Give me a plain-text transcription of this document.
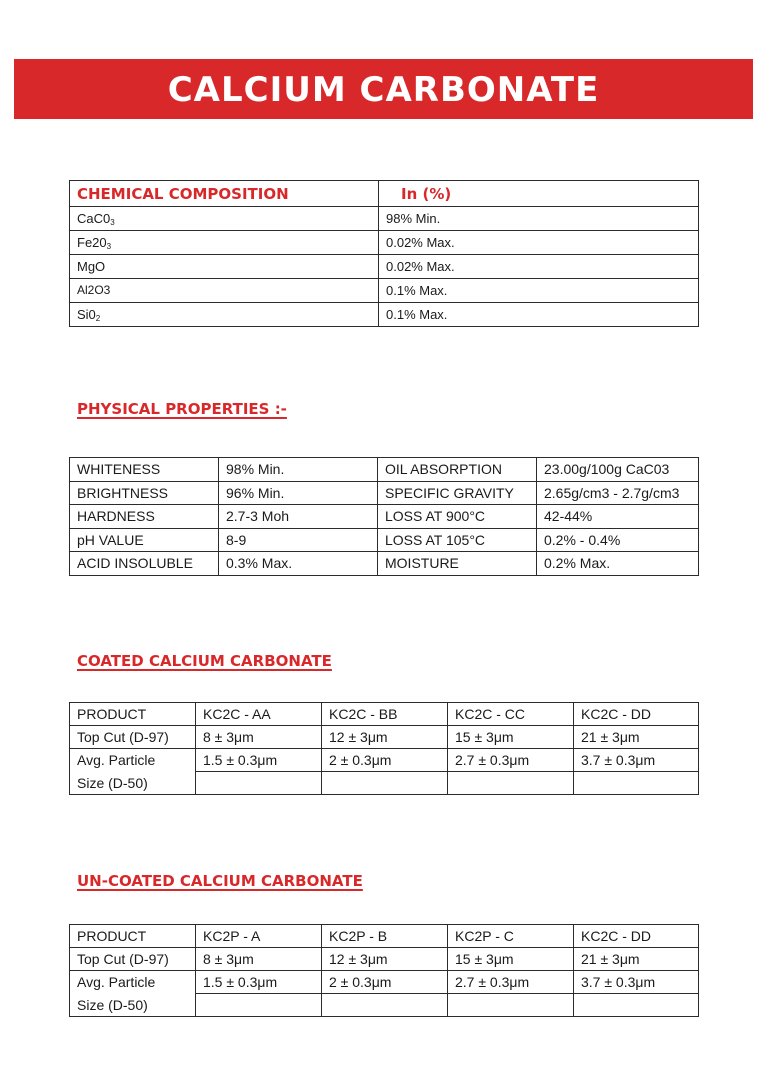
CALCIUM CARBONATE
CHEMICAL COMPOSITION	In (%)
$CaC0_3$	98% Min.
$Fe20_3$	0.02% Max.
MgO	0.02% Max.
Al2O3	0.1% Max.
$Si0_2$	0.1% Max.
PHYSICAL PROPERTIES :-
WHITENESS	98% Min.	OIL ABSORPTION	23.00g/100g CaC03
BRIGHTNESS	96% Min.	SPECIFIC GRAVITY	2.65g/cm3 - 2.7g/cm3
HARDNESS	2.7-3 Moh	LOSS AT 900°C	42-44%
pH VALUE	8-9	LOSS AT 105°C	0.2% - 0.4%
ACID INSOLUBLE	0.3% Max.	MOISTURE	0.2% Max.
COATED CALCIUM CARBONATE
PRODUCT	KC2C - AA	KC2C - BB	KC2C - CC	KC2C - DD
Top Cut (D-97)	8 ± 3μm	12 ± 3μm	15 ± 3μm	21 ± 3μm
Avg. Particle	1.5 ± 0.3μm	2 ± 0.3μm	2.7 ± 0.3μm	3.7 ± 0.3μm
Size (D-50)				
UN-COATED CALCIUM CARBONATE
PRODUCT	KC2P - A	KC2P - B	KC2P - C	KC2C - DD
Top Cut (D-97)	8 ± 3μm	12 ± 3μm	15 ± 3μm	21 ± 3μm
Avg. Particle	1.5 ± 0.3μm	2 ± 0.3μm	2.7 ± 0.3μm	3.7 ± 0.3μm
Size (D-50)				
